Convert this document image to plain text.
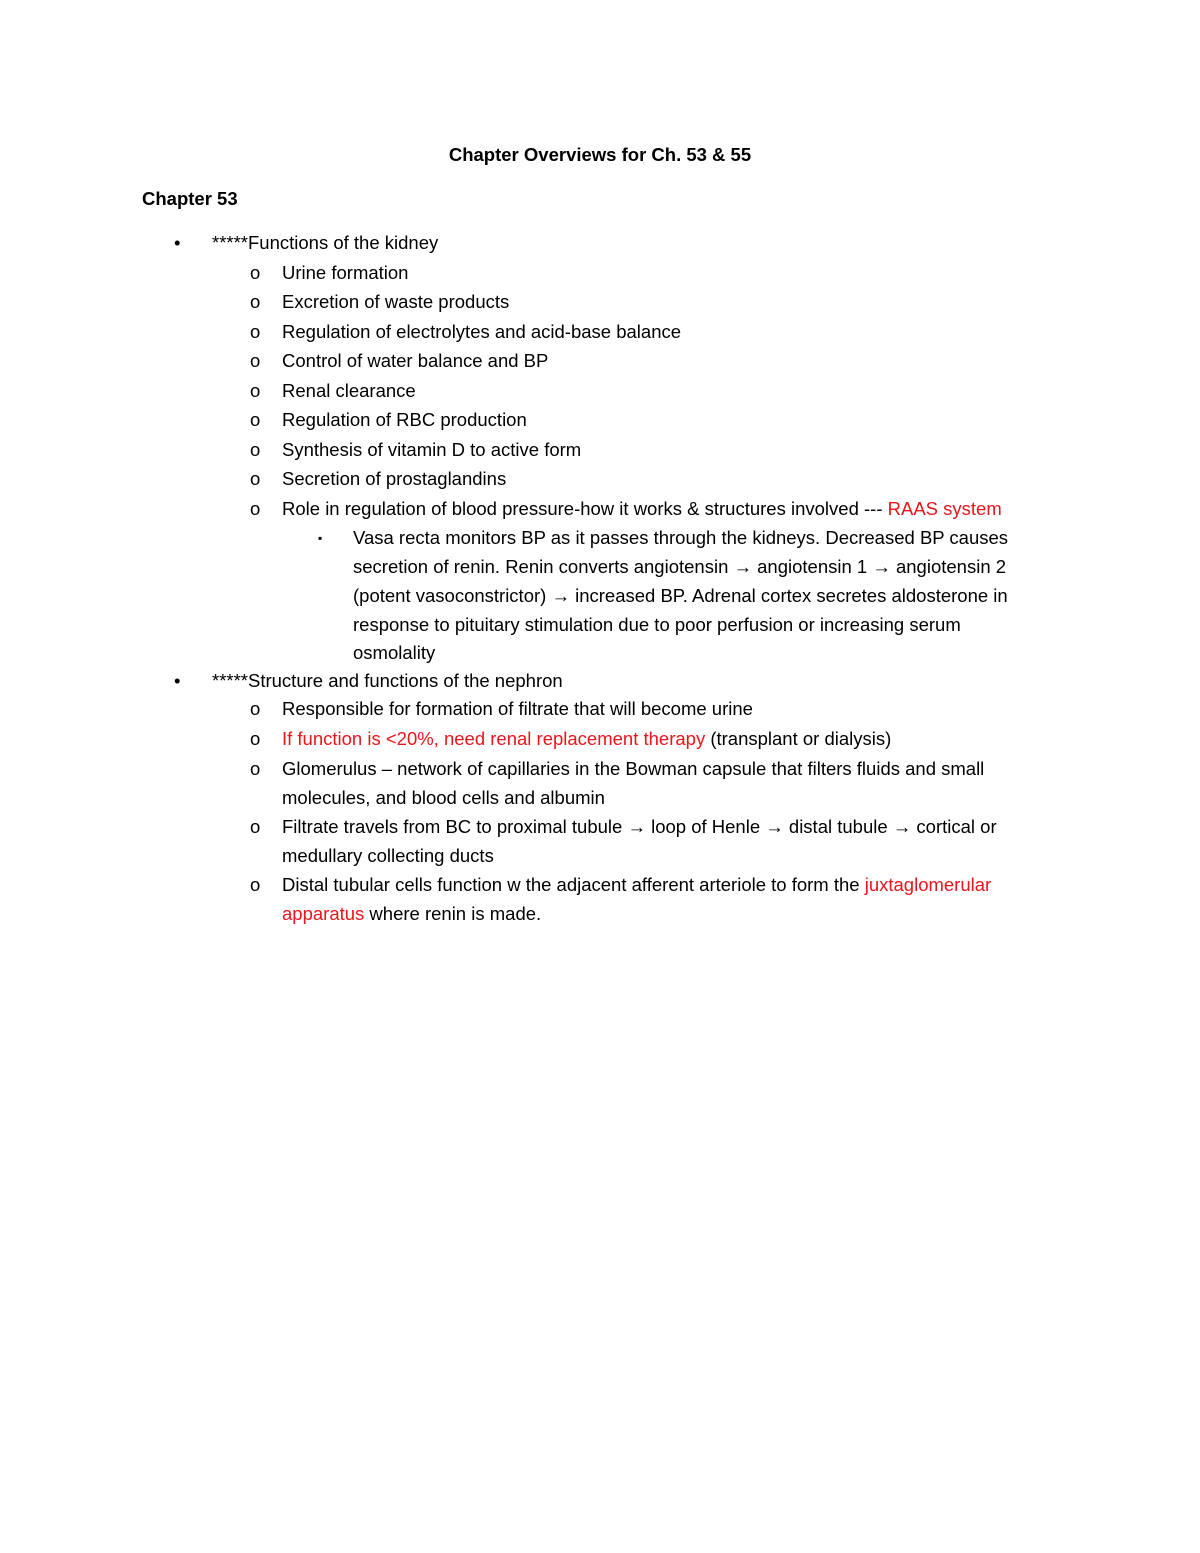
Chapter Overviews for Ch. 53 & 55
Chapter 53
• *****Functions of the kidney
o Urine formation
o Excretion of waste products
o Regulation of electrolytes and acid-base balance
o Control of water balance and BP
o Renal clearance
o Regulation of RBC production
o Synthesis of vitamin D to active form
o Secretion of prostaglandins
o Role in regulation of blood pressure-how it works & structures involved --- RAAS system
▪ Vasa recta monitors BP as it passes through the kidneys. Decreased BP causes
secretion of renin. Renin converts angiotensin → angiotensin 1 → angiotensin 2
(potent vasoconstrictor) → increased BP. Adrenal cortex secretes aldosterone in
response to pituitary stimulation due to poor perfusion or increasing serum
osmolality
• *****Structure and functions of the nephron
o Responsible for formation of filtrate that will become urine
o If function is <20%, need renal replacement therapy (transplant or dialysis)
o Glomerulus – network of capillaries in the Bowman capsule that filters fluids and small
molecules, and blood cells and albumin
o Filtrate travels from BC to proximal tubule → loop of Henle → distal tubule → cortical or
medullary collecting ducts
o Distal tubular cells function w the adjacent afferent arteriole to form the juxtaglomerular
apparatus where renin is made.
